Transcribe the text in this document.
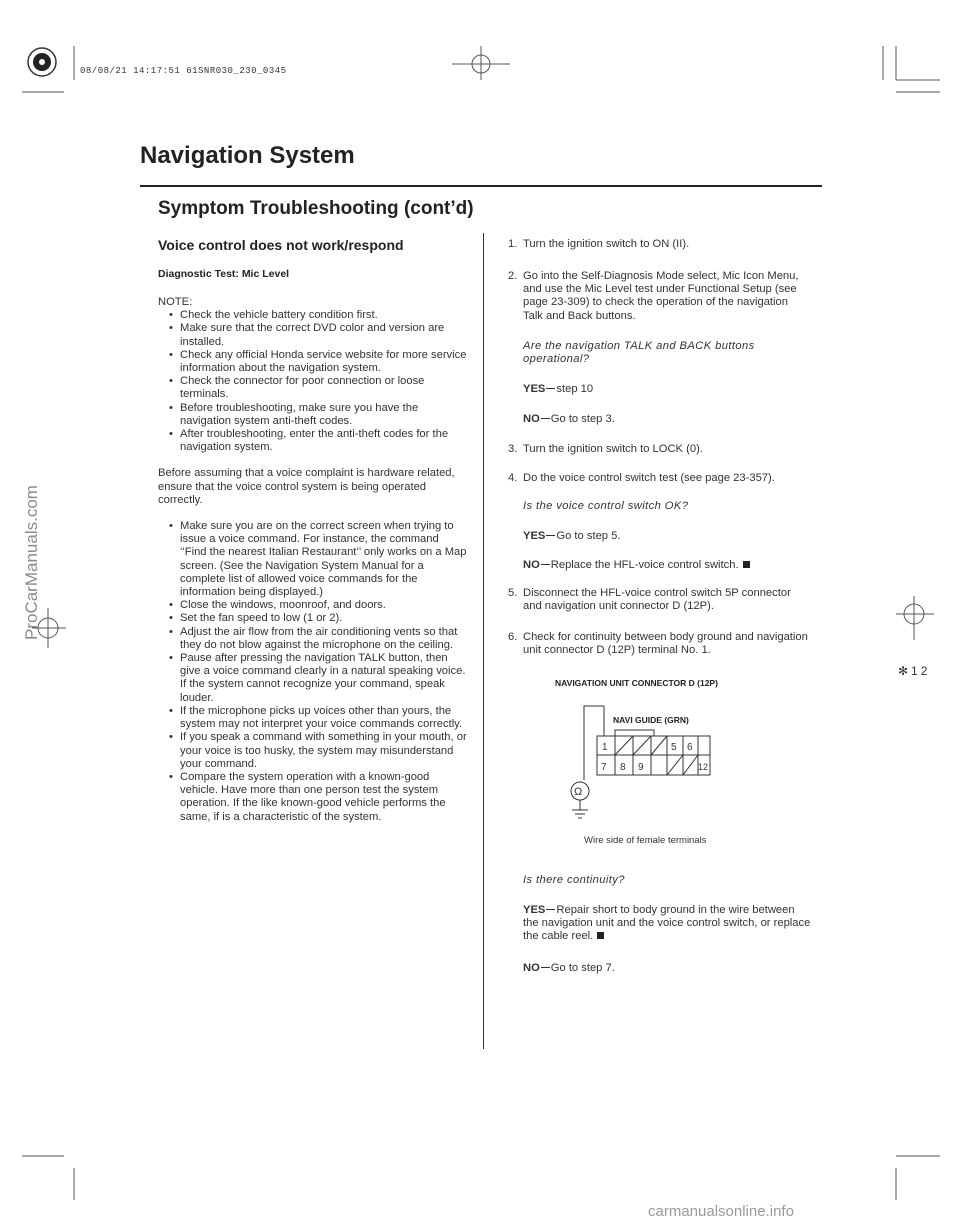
08/08/21 14:17:51 61SNR030_230_0345
Navigation System
Symptom Troubleshooting (cont’d)
Voice control does not work/respond
Diagnostic Test: Mic Level

NOTE:

• Check the vehicle battery condition first.

• Make sure that the correct DVD color and version are installed.

• Check any official Honda service website for more service information about the navigation system.

• Check the connector for poor connection or loose terminals.

• Before troubleshooting, make sure you have the navigation system anti-theft codes.

• After troubleshooting, enter the anti-theft codes for the navigation system.

Before assuming that a voice complaint is hardware related, ensure that the voice control system is being operated correctly.

• Make sure you are on the correct screen when trying to issue a voice command. For instance, the command ‘‘Find the nearest Italian Restaurant’’ only works on a Map screen. (See the Navigation System Manual for a complete list of allowed voice commands for the information being displayed.)

• Close the windows, moonroof, and doors.

• Set the fan speed to low (1 or 2).

• Adjust the air flow from the air conditioning vents so that they do not blow against the microphone on the ceiling.

• Pause after pressing the navigation TALK button, then give a voice command clearly in a natural speaking voice. If the system cannot recognize your command, speak louder.

• If the microphone picks up voices other than yours, the system may not interpret your voice commands correctly.

• If you speak a command with something in your mouth, or your voice is too husky, the system may misunderstand your command.

• Compare the system operation with a known-good vehicle. Have more than one person test the system operation. If the like known-good vehicle performs the same, if is a characteristic of the system.

1. Turn the ignition switch to ON (II).
2. Go into the Self-Diagnosis Mode select, Mic Icon Menu, and use the Mic Level test under Functional Setup (see page 23-309) to check the operation of the navigation Talk and Back buttons.
Are the navigation TALK and BACK buttons operational?
YES step 10
NO Go to step 3.
3. Turn the ignition switch to LOCK (0).
4. Do the voice control switch test (see page 23-357).
Is the voice control switch OK?
YES Go to step 5.
NO Replace the HFL-voice control switch.
5. Disconnect the HFL-voice control switch 5P connector and navigation unit connector D (12P).
6. Check for continuity between body ground and navigation unit connector D (12P) terminal No. 1.
NAVIGATION UNIT CONNECTOR D (12P)
NAVI GUIDE (GRN)
1	5 6
7 8 9	12
Ω
Wire side of female terminals
Is there continuity?
YES Repair short to body ground in the wire between the navigation unit and the voice control switch, or replace the cable reel.
NO Go to step 7.
✻12
ProCarManuals.com
carmanualsonline.info
